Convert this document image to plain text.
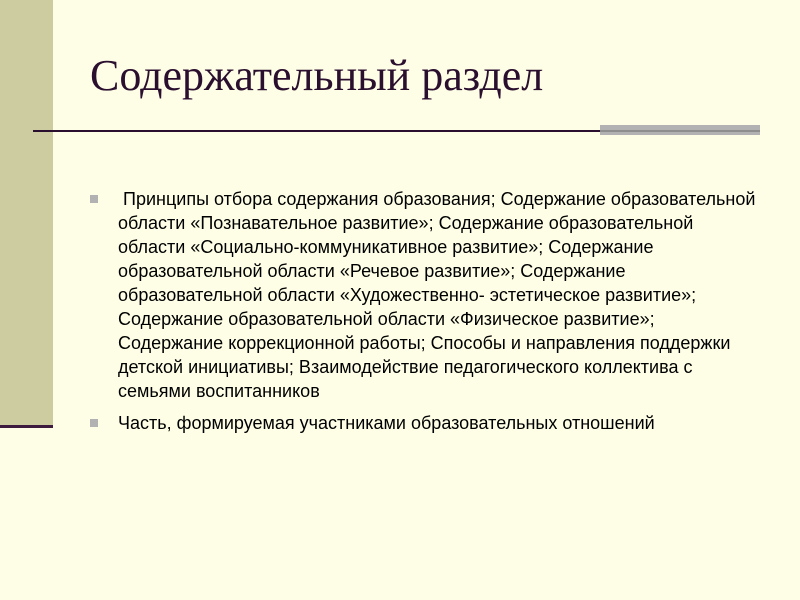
Содержательный раздел
Принципы отбора содержания образования; Содержание образовательной области «Познавательное развитие»; Содержание образовательной области «Социально-коммуникативное развитие»; Содержание образовательной области «Речевое развитие»; Содержание образовательной области «Художественно- эстетическое развитие»; Содержание образовательной области «Физическое развитие»; Содержание коррекционной работы; Способы и направления поддержки детской инициативы; Взаимодействие педагогического коллектива с семьями воспитанников
Часть, формируемая участниками образовательных отношений
